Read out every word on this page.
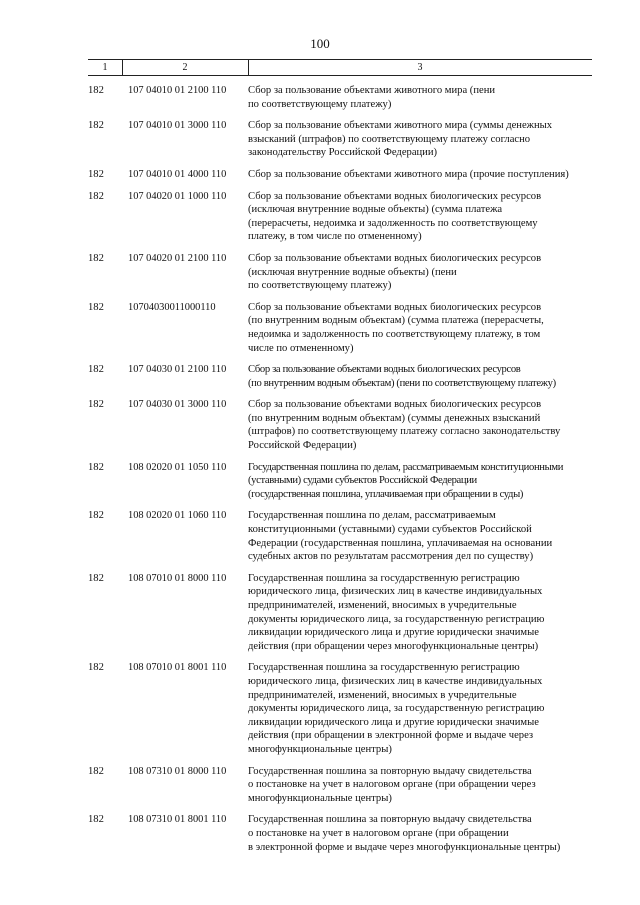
100
1	2	3
182	107 04010 01 2100 110	Сбор за пользование объектами животного мира (пени
по соответствующему платежу)
182	107 04010 01 3000 110	Сбор за пользование объектами животного мира (суммы денежных
взысканий (штрафов) по соответствующему платежу согласно
законодательству Российской Федерации)
182	107 04010 01 4000 110	Сбор за пользование объектами животного мира (прочие поступления)
182	107 04020 01 1000 110	Сбор за пользование объектами водных биологических ресурсов
(исключая внутренние водные объекты) (сумма платежа
(перерасчеты, недоимка и задолженность по соответствующему
платежу, в том числе по отмененному)
182	107 04020 01 2100 110	Сбор за пользование объектами водных биологических ресурсов
(исключая внутренние водные объекты) (пени
по соответствующему платежу)
182	10704030011000110	Сбор за пользование объектами водных биологических ресурсов
(по внутренним водным объектам) (сумма платежа (перерасчеты,
недоимка и задолженность по соответствующему платежу, в том
числе по отмененному)
182	107 04030 01 2100 110	Сбор за пользование объектами водных биологических ресурсов
(по внутренним водным объектам) (пени по соответствующему платежу)
182	107 04030 01 3000 110	Сбор за пользование объектами водных биологических ресурсов
(по внутренним водным объектам) (суммы денежных взысканий
(штрафов) по соответствующему платежу согласно законодательству
Российской Федерации)
182	108 02020 01 1050 110	Государственная пошлина по делам, рассматриваемым конституционными
(уставными) судами субъектов Российской Федерации
(государственная пошлина, уплачиваемая при обращении в суды)
182	108 02020 01 1060 110	Государственная пошлина по делам, рассматриваемым
конституционными (уставными) судами субъектов Российской
Федерации (государственная пошлина, уплачиваемая на основании
судебных актов по результатам рассмотрения дел по существу)
182	108 07010 01 8000 110	Государственная пошлина за государственную регистрацию
юридического лица, физических лиц в качестве индивидуальных
предпринимателей, изменений, вносимых в учредительные
документы юридического лица, за государственную регистрацию
ликвидации юридического лица и другие юридически значимые
действия (при обращении через многофункциональные центры)
182	108 07010 01 8001 110	Государственная пошлина за государственную регистрацию
юридического лица, физических лиц в качестве индивидуальных
предпринимателей, изменений, вносимых в учредительные
документы юридического лица, за государственную регистрацию
ликвидации юридического лица и другие юридически значимые
действия (при обращении в электронной форме и выдаче через
многофункциональные центры)
182	108 07310 01 8000 110	Государственная пошлина за повторную выдачу свидетельства
о постановке на учет в налоговом органе (при обращении через
многофункциональные центры)
182	108 07310 01 8001 110	Государственная пошлина за повторную выдачу свидетельства
о постановке на учет в налоговом органе (при обращении
в электронной форме и выдаче через многофункциональные центры)
